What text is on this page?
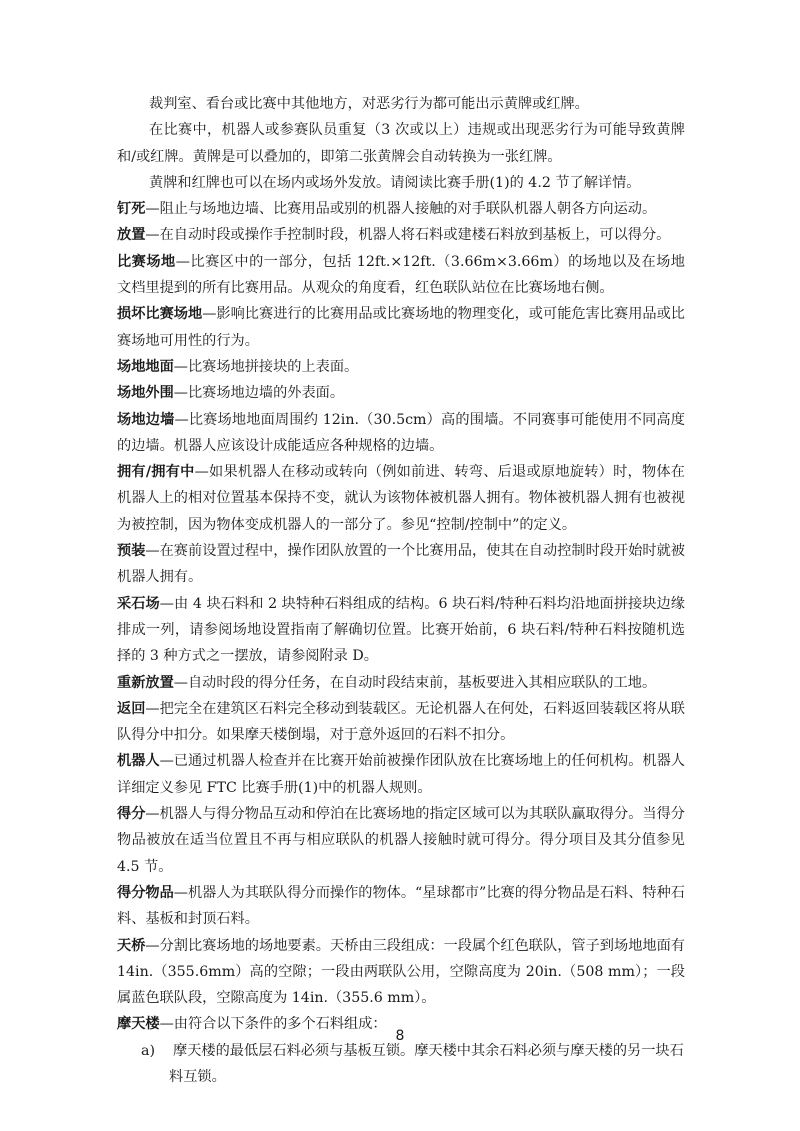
裁判室、看台或比赛中其他地方，对恶劣行为都可能出示黄牌或红牌。

在比赛中，机器人或参赛队员重复（3 次或以上）违规或出现恶劣行为可能导致黄牌和/或红牌。黄牌是可以叠加的，即第二张黄牌会自动转换为一张红牌。

黄牌和红牌也可以在场内或场外发放。请阅读比赛手册(1)的 4.2 节了解详情。

钉死—阻止与场地边墙、比赛用品或别的机器人接触的对手联队机器人朝各方向运动。

放置—在自动时段或操作手控制时段，机器人将石料或建楼石料放到基板上，可以得分。

比赛场地—比赛区中的一部分，包括 12ft.×12ft.（3.66m×3.66m）的场地以及在场地文档里提到的所有比赛用品。从观众的角度看，红色联队站位在比赛场地右侧。

损坏比赛场地—影响比赛进行的比赛用品或比赛场地的物理变化，或可能危害比赛用品或比赛场地可用性的行为。

场地地面—比赛场地拼接块的上表面。

场地外围—比赛场地边墙的外表面。

场地边墙—比赛场地地面周围约 12in.（30.5cm）高的围墙。不同赛事可能使用不同高度的边墙。机器人应该设计成能适应各种规格的边墙。

拥有/拥有中—如果机器人在移动或转向（例如前进、转弯、后退或原地旋转）时，物体在机器人上的相对位置基本保持不变，就认为该物体被机器人拥有。物体被机器人拥有也被视为被控制，因为物体变成机器人的一部分了。参见“控制/控制中”的定义。

预装—在赛前设置过程中，操作团队放置的一个比赛用品，使其在自动控制时段开始时就被机器人拥有。

采石场—由 4 块石料和 2 块特种石料组成的结构。6 块石料/特种石料均沿地面拼接块边缘排成一列，请参阅场地设置指南了解确切位置。比赛开始前，6 块石料/特种石料按随机选择的 3 种方式之一摆放，请参阅附录 D。

重新放置—自动时段的得分任务，在自动时段结束前，基板要进入其相应联队的工地。

返回—把完全在建筑区石料完全移动到装载区。无论机器人在何处，石料返回装载区将从联队得分中扣分。如果摩天楼倒塌，对于意外返回的石料不扣分。

机器人—已通过机器人检查并在比赛开始前被操作团队放在比赛场地上的任何机构。机器人详细定义参见 FTC 比赛手册(1)中的机器人规则。

得分—机器人与得分物品互动和停泊在比赛场地的指定区域可以为其联队赢取得分。当得分物品被放在适当位置且不再与相应联队的机器人接触时就可得分。得分项目及其分值参见 4.5 节。

得分物品—机器人为其联队得分而操作的物体。“星球都市”比赛的得分物品是石料、特种石料、基板和封顶石料。

天桥—分割比赛场地的场地要素。天桥由三段组成：一段属个红色联队，管子到场地地面有 14in.（355.6mm）高的空隙；一段由两联队公用，空隙高度为 20in.（508 mm）；一段属蓝色联队段，空隙高度为 14in.（355.6 mm）。

摩天楼—由符合以下条件的多个石料组成：

a) 摩天楼的最低层石料必须与基板互锁。摩天楼中其余石料必须与摩天楼的另一块石

料互锁。

8
